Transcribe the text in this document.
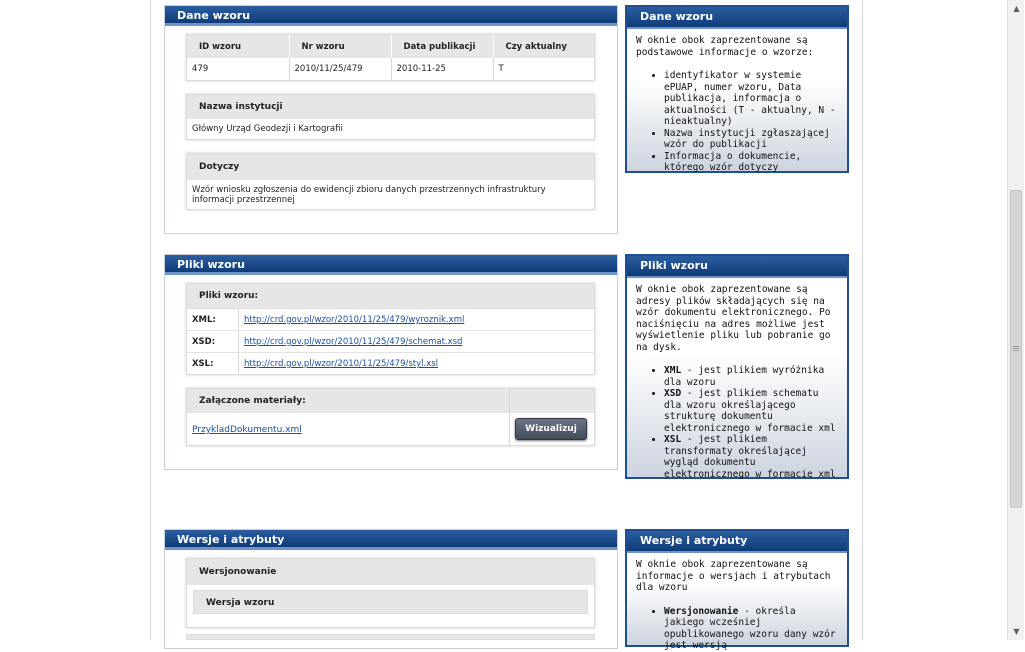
Dane wzoru
ID wzoru	Nr wzoru	Data publikacji	Czy aktualny
479	2010/11/25/479	2010-11-25	T
Nazwa instytucji
Główny Urząd Geodezji i Kartografii
Dotyczy
Wzór wniosku zgłoszenia do ewidencji zbioru danych przestrzennych infrastruktury informacji przestrzennej
Dane wzoru

W oknie obok zaprezentowane są podstawowe informacje o wzorze:

• identyfikator w systemie ePUAP, numer wzoru, Data publikacja, informacja o aktualności (T - aktualny, N - nieaktualny)
• Nazwa instytucji zgłaszającej wzór do publikacji
• Informacja o dokumencie, którego wzór dotyczy
Pliki wzoru
Pliki wzoru:
XML:	http://crd.gov.pl/wzor/2010/11/25/479/wyroznik.xml
XSD:	http://crd.gov.pl/wzor/2010/11/25/479/schemat.xsd
XSL:	http://crd.gov.pl/wzor/2010/11/25/479/styl.xsl
Załączone materiały:
PrzykladDokumentu.xml	Wizualizuj
Pliki wzoru

W oknie obok zaprezentowane są adresy plików składających się na wzór dokumentu elektronicznego. Po naciśnięciu na adres możliwe jest wyświetlenie pliku lub pobranie go na dysk.

• XML - jest plikiem wyróżnika dla wzoru
• XSD - jest plikiem schematu dla wzoru określającego strukturę dokumentu elektronicznego w formacie xml
• XSL - jest plikiem transformaty określającej wygląd dokumentu elektronicznego w formacie xml
Wersje i atrybuty
Wersjonowanie
Wersja wzoru
Wersje i atrybuty

W oknie obok zaprezentowane są informacje o wersjach i atrybutach dla wzoru

• Wersjonowanie - określa jakiego wcześniej opublikowanego wzoru dany wzór jest wersją
▲
▼
